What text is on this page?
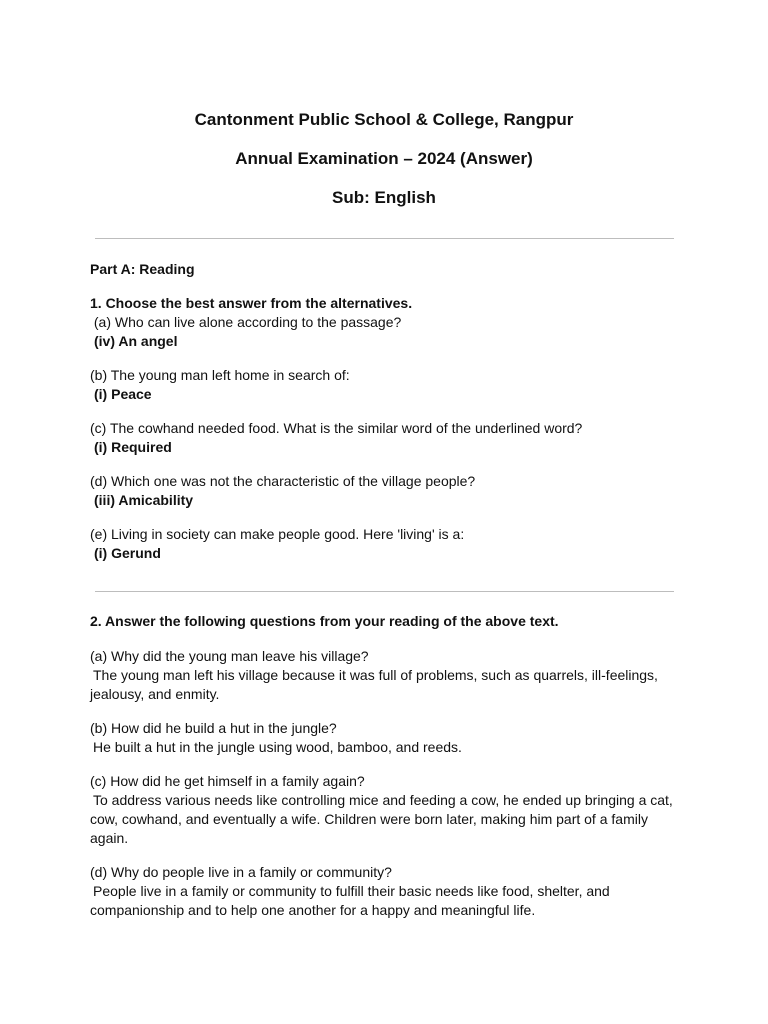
Cantonment Public School & College, Rangpur
Annual Examination – 2024 (Answer)
Sub: English

Part A: Reading

1. Choose the best answer from the alternatives.

(a) Who can live alone according to the passage?
(iv) An angel
(b) The young man left home in search of:
(i) Peace
(c) The cowhand needed food. What is the similar word of the underlined word?
(i) Required
(d) Which one was not the characteristic of the village people?
(iii) Amicability
(e) Living in society can make people good. Here 'living' is a:
(i) Gerund

2. Answer the following questions from your reading of the above text.

(a) Why did the young man leave his village?
The young man left his village because it was full of problems, such as quarrels, ill-feelings, jealousy, and enmity.
(b) How did he build a hut in the jungle?
He built a hut in the jungle using wood, bamboo, and reeds.
(c) How did he get himself in a family again?
To address various needs like controlling mice and feeding a cow, he ended up bringing a cat, cow, cowhand, and eventually a wife. Children were born later, making him part of a family again.
(d) Why do people live in a family or community?
People live in a family or community to fulfill their basic needs like food, shelter, and companionship and to help one another for a happy and meaningful life.
